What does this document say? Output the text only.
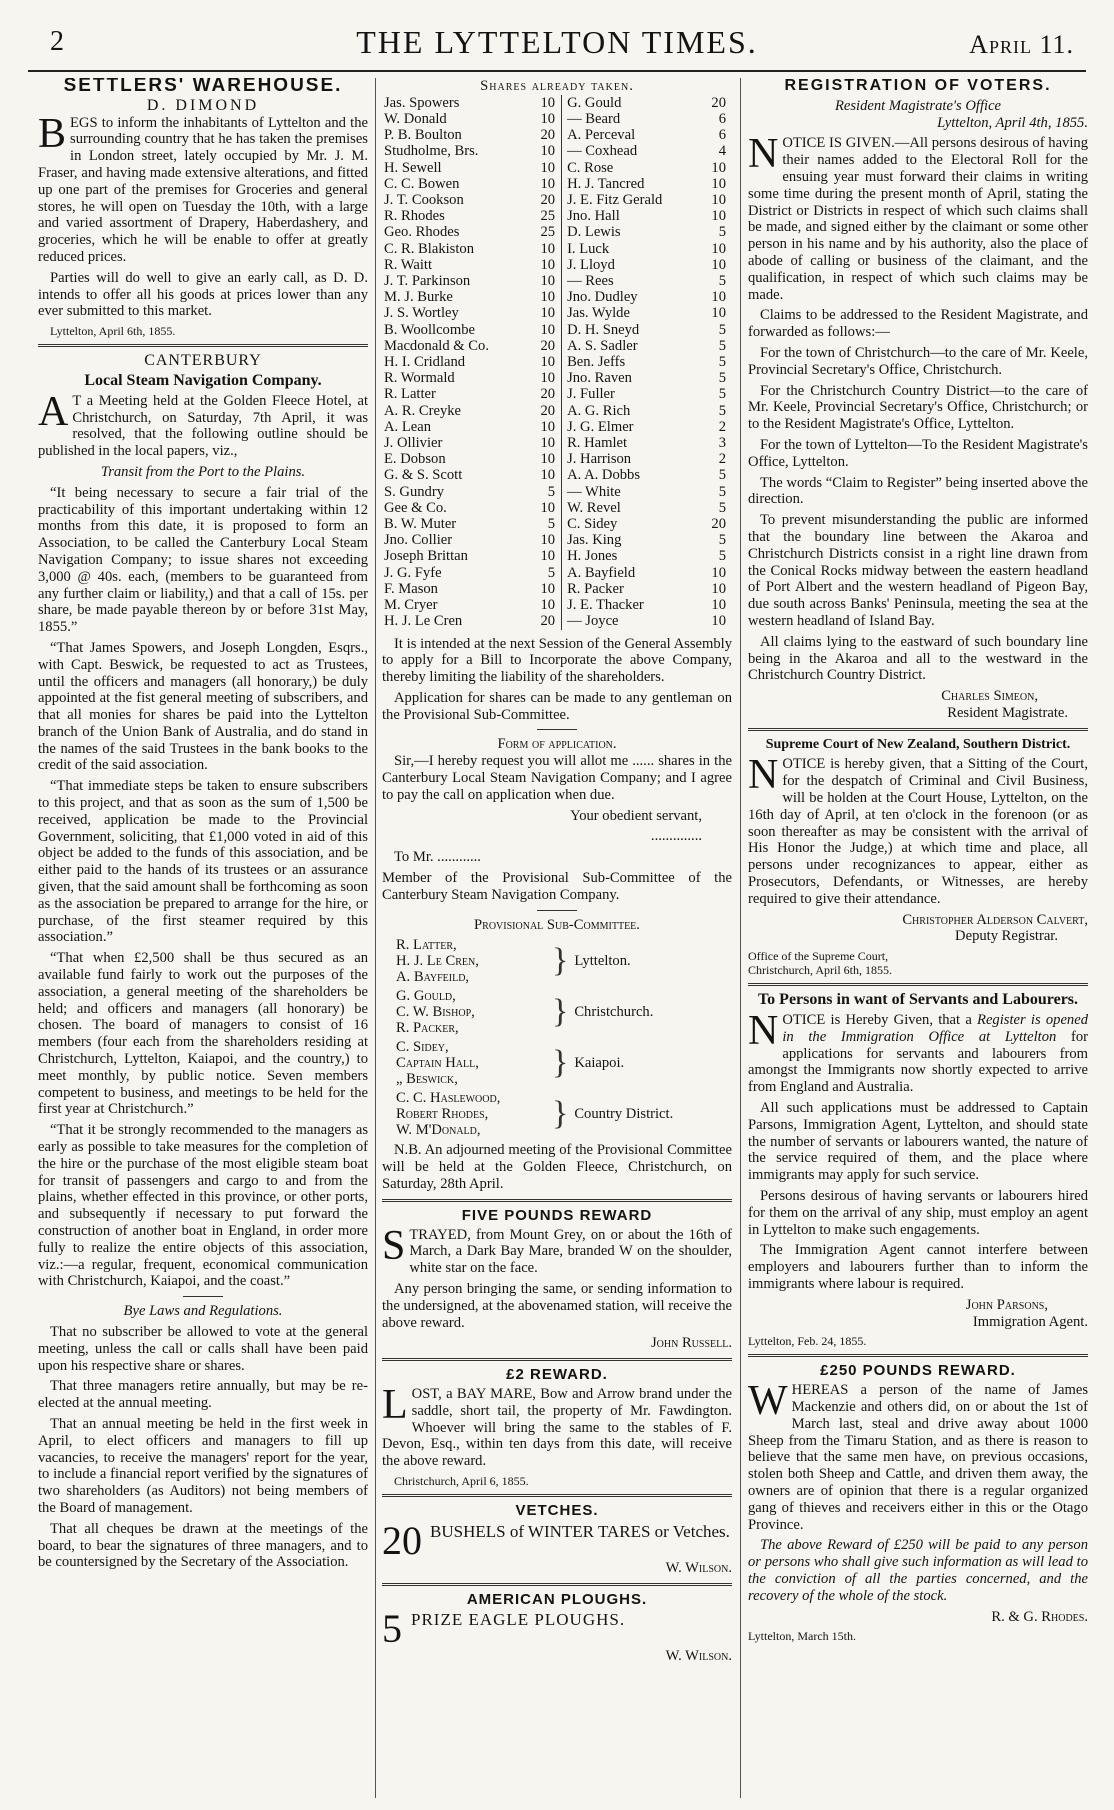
2	THE LYTTELTON TIMES.	April 11.
SETTLERS' WAREHOUSE.
D. DIMOND

BEGS to inform the inhabitants of Lyttelton and the surrounding country that he has taken the premises in London street, lately occupied by Mr. J. M. Fraser, and having made extensive alterations, and fitted up one part of the premises for Groceries and general stores, he will open on Tuesday the 10th, with a large and varied assortment of Drapery, Haberdashery, and groceries, which he will be enable to offer at greatly reduced prices.

Parties will do well to give an early call, as D. D. intends to offer all his goods at prices lower than any ever submitted to this market.

Lyttelton, April 6th, 1855.

CANTERBURY
Local Steam Navigation Company.

A T a Meeting held at the Golden Fleece Hotel, at Christchurch, on Saturday, 7th April, it was resolved, that the following outline should be published in the local papers, viz.,

Transit from the Port to the Plains.

“It being necessary to secure a fair trial of the practicability of this important undertaking within 12 months from this date, it is proposed to form an Association, to be called the Canterbury Local Steam Navigation Company; to issue shares not exceeding 3,000 @ 40s. each, (members to be guaranteed from any further claim or liability,) and that a call of 15s. per share, be made payable thereon by or before 31st May, 1855.”

“That James Spowers, and Joseph Longden, Esqrs., with Capt. Beswick, be requested to act as Trustees, until the officers and managers (all honorary,) be duly appointed at the fist general meeting of subscribers, and that all monies for shares be paid into the Lyttelton branch of the Union Bank of Australia, and do stand in the names of the said Trustees in the bank books to the credit of the said association.

“That immediate steps be taken to ensure subscribers to this project, and that as soon as the sum of 1,500 be received, application be made to the Provincial Government, soliciting, that £1,000 voted in aid of this object be added to the funds of this association, and be either paid to the hands of its trustees or an assurance given, that the said amount shall be forthcoming as soon as the association be prepared to arrange for the hire, or purchase, of the first steamer required by this association.”

“That when £2,500 shall be thus secured as an available fund fairly to work out the purposes of the association, a general meeting of the shareholders be held; and officers and managers (all honorary) be chosen. The board of managers to consist of 16 members (four each from the shareholders residing at Christchurch, Lyttelton, Kaiapoi, and the country,) to meet monthly, by public notice. Seven members competent to business, and meetings to be held for the first year at Christchurch.”

“That it be strongly recommended to the managers as early as possible to take measures for the completion of the hire or the purchase of the most eligible steam boat for transit of passengers and cargo to and from the plains, whether effected in this province, or other ports, and subsequently if necessary to put forward the construction of another boat in England, in order more fully to realize the entire objects of this association, viz.:—a regular, frequent, economical communication with Christchurch, Kaiapoi, and the coast.”

Bye Laws and Regulations.

That no subscriber be allowed to vote at the general meeting, unless the call or calls shall have been paid upon his respective share or shares.

That three managers retire annually, but may be re-elected at the annual meeting.

That an annual meeting be held in the first week in April, to elect officers and managers to fill up vacancies, to receive the managers' report for the year, to include a financial report verified by the signatures of two shareholders (as Auditors) not being members of the Board of management.

That all cheques be drawn at the meetings of the board, to bear the signatures of three managers, and to be countersigned by the Secretary of the Association.

Shares already taken.
Jas. Spowers	10	G. Gould	20
W. Donald	10	— Beard	6
P. B. Boulton	20	A. Perceval	6
Studholme, Brs.	10	— Coxhead	4
H. Sewell	10	C. Rose	10
C. C. Bowen	10	H. J. Tancred	10
J. T. Cookson	20	J. E. Fitz Gerald	10
R. Rhodes	25	Jno. Hall	10
Geo. Rhodes	25	D. Lewis	5
C. R. Blakiston	10	I. Luck	10
R. Waitt	10	J. Lloyd	10
J. T. Parkinson	10	— Rees	5
M. J. Burke	10	Jno. Dudley	10
J. S. Wortley	10	Jas. Wylde	10
B. Woollcombe	10	D. H. Sneyd	5
Macdonald & Co.	20	A. S. Sadler	5
H. I. Cridland	10	Ben. Jeffs	5
R. Wormald	10	Jno. Raven	5
R. Latter	20	J. Fuller	5
A. R. Creyke	20	A. G. Rich	5
A. Lean	10	J. G. Elmer	2
J. Ollivier	10	R. Hamlet	3
E. Dobson	10	J. Harrison	2
G. & S. Scott	10	A. A. Dobbs	5
S. Gundry	5	— White	5
Gee & Co.	10	W. Revel	5
B. W. Muter	5	C. Sidey	20
Jno. Collier	10	Jas. King	5
Joseph Brittan	10	H. Jones	5
J. G. Fyfe	5	A. Bayfield	10
F. Mason	10	R. Packer	10
M. Cryer	10	J. E. Thacker	10
H. J. Le Cren	20	— Joyce	10

It is intended at the next Session of the General Assembly to apply for a Bill to Incorporate the above Company, thereby limiting the liability of the shareholders.

Application for shares can be made to any gentleman on the Provisional Sub-Committee.

Form of application.

Sir,—I hereby request you will allot me ...... shares in the Canterbury Local Steam Navigation Company; and I agree to pay the call on application when due.

Your obedient servant,

..............

To Mr. ............

Member of the Provisional Sub-Committee of the Canterbury Steam Navigation Company.

Provisional Sub-Committee.
R. Latter,
H. J. Le Cren,
A. Bayfeild,	} Lyttelton.
G. Gould,
C. W. Bishop,
R. Packer,	} Christchurch.
C. Sidey,
Captain Hall,
„ Beswick,	} Kaiapoi.
C. C. Haslewood,
Robert Rhodes,
W. M'Donald,	} Country District.

N.B. An adjourned meeting of the Provisional Committee will be held at the Golden Fleece, Christchurch, on Saturday, 28th April.

FIVE POUNDS REWARD

STRAYED, from Mount Grey, on or about the 16th of March, a Dark Bay Mare, branded W on the shoulder, white star on the face.

Any person bringing the same, or sending information to the undersigned, at the abovenamed station, will receive the above reward.

John Russell.

£2 REWARD.

LOST, a BAY MARE, Bow and Arrow brand under the saddle, short tail, the property of Mr. Fawdington. Whoever will bring the same to the stables of F. Devon, Esq., within ten days from this date, will receive the above reward.

Christchurch, April 6, 1855.

VETCHES.

20 BUSHELS of WINTER TARES or Vetches.

W. Wilson.

AMERICAN PLOUGHS.

5 PRIZE EAGLE PLOUGHS.

W. Wilson.

REGISTRATION OF VOTERS.

Resident Magistrate's Office

Lyttelton, April 4th, 1855.

NOTICE IS GIVEN.—All persons desirous of having their names added to the Electoral Roll for the ensuing year must forward their claims in writing some time during the present month of April, stating the District or Districts in respect of which such claims shall be made, and signed either by the claimant or some other person in his name and by his authority, also the place of abode of calling or business of the claimant, and the qualification, in respect of which such claims may be made.

Claims to be addressed to the Resident Magistrate, and forwarded as follows:—

For the town of Christchurch—to the care of Mr. Keele, Provincial Secretary's Office, Christchurch.

For the Christchurch Country District—to the care of Mr. Keele, Provincial Secretary's Office, Christchurch; or to the Resident Magistrate's Office, Lyttelton.

For the town of Lyttelton—To the Resident Magistrate's Office, Lyttelton.

The words “Claim to Register” being inserted above the direction.

To prevent misunderstanding the public are informed that the boundary line between the Akaroa and Christchurch Districts consist in a right line drawn from the Conical Rocks midway between the eastern headland of Port Albert and the western headland of Pigeon Bay, due south across Banks' Peninsula, meeting the sea at the western headland of Island Bay.

All claims lying to the eastward of such boundary line being in the Akaroa and all to the westward in the Christchurch Country District.

Charles Simeon,

Resident Magistrate.

Supreme Court of New Zealand, Southern District.

NOTICE is hereby given, that a Sitting of the Court, for the despatch of Criminal and Civil Business, will be holden at the Court House, Lyttelton, on the 16th day of April, at ten o'clock in the forenoon (or as soon thereafter as may be consistent with the arrival of His Honor the Judge,) at which time and place, all persons under recognizances to appear, either as Prosecutors, Defendants, or Witnesses, are hereby required to give their attendance.

Christopher Alderson Calvert,

Deputy Registrar.

Office of the Supreme Court,

Christchurch, April 6th, 1855.

To Persons in want of Servants and Labourers.

NOTICE is Hereby Given, that a Register is opened in the Immigration Office at Lyttelton for applications for servants and labourers from amongst the Immigrants now shortly expected to arrive from England and Australia.

All such applications must be addressed to Captain Parsons, Immigration Agent, Lyttelton, and should state the number of servants or labourers wanted, the nature of the service required of them, and the place where immigrants may apply for such service.

Persons desirous of having servants or labourers hired for them on the arrival of any ship, must employ an agent in Lyttelton to make such engagements.

The Immigration Agent cannot interfere between employers and labourers further than to inform the immigrants where labour is required.

John Parsons,

Immigration Agent.

Lyttelton, Feb. 24, 1855.

£250 POUNDS REWARD.

WHEREAS a person of the name of James Mackenzie and others did, on or about the 1st of March last, steal and drive away about 1000 Sheep from the Timaru Station, and as there is reason to believe that the same men have, on previous occasions, stolen both Sheep and Cattle, and driven them away, the owners are of opinion that there is a regular organized gang of thieves and receivers either in this or the Otago Province.

The above Reward of £250 will be paid to any person or persons who shall give such information as will lead to the conviction of all the parties concerned, and the recovery of the whole of the stock.

R. & G. Rhodes.

Lyttelton, March 15th.
